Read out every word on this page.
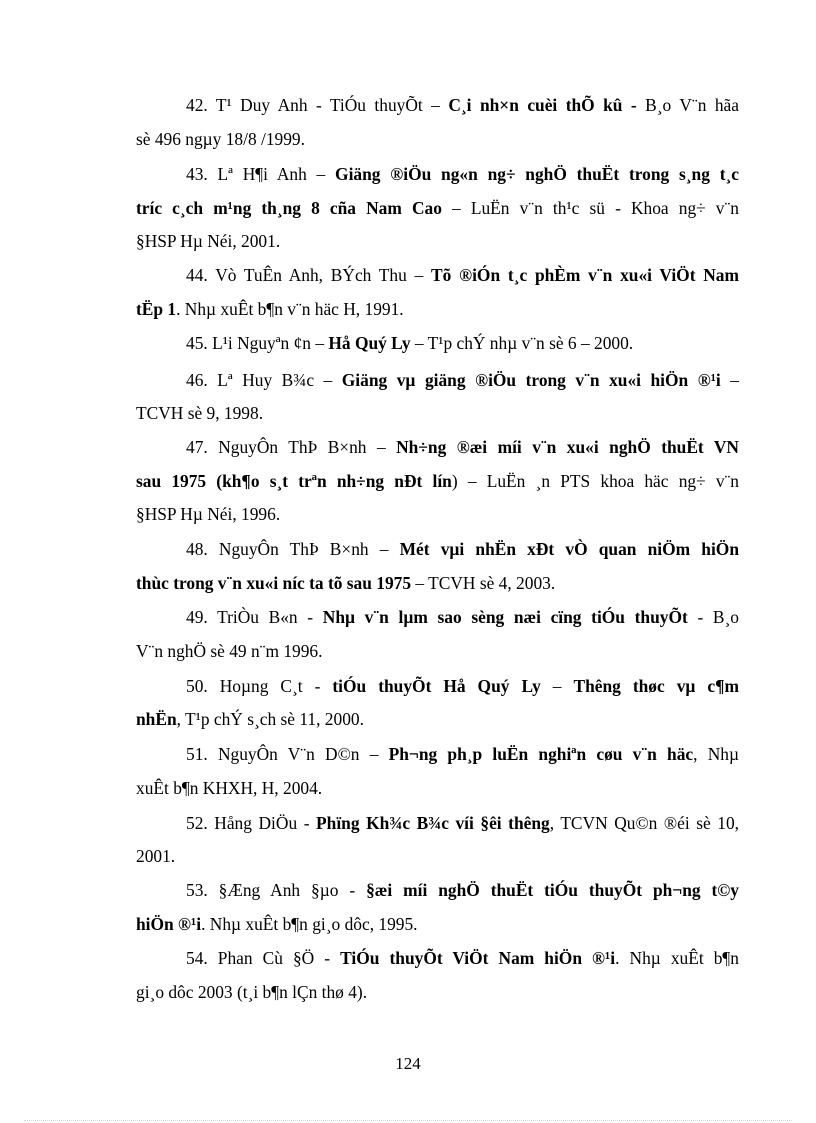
42. T¹ Duy Anh - TiÓu thuyÕt – C¸i nh×n cuèi thÕ kû - B¸o V¨n hãa
sè 496 ngµy 18/8 /1999.
43. Lª H¶i Anh – Giäng ®iÖu ng«n ng÷ nghÖ thuËt trong s¸ng t¸c
tríc c¸ch m¹ng th¸ng 8 cña Nam Cao – LuËn v¨n th¹c sü - Khoa ng÷ v¨n
§HSP Hµ Néi, 2001.
44. Vò TuÊn Anh, BÝch Thu – Tõ ®iÓn t¸c phÈm v¨n xu«i ViÖt Nam
tËp 1. Nhµ xuÊt b¶n v¨n häc H, 1991.
45. L¹i Nguyªn ¢n – Hå Quý Ly – T¹p chÝ nhµ v¨n sè 6 – 2000.
46. Lª Huy B¾c – Giäng vµ giäng ®iÖu trong v¨n xu«i hiÖn ®¹i –
TCVH sè 9, 1998.
47. NguyÔn ThÞ B×nh – Nh÷ng ®æi míi v¨n xu«i nghÖ thuËt VN
sau 1975 (kh¶o s¸t trªn nh÷ng nÐt lín) – LuËn ¸n PTS khoa häc ng÷ v¨n
§HSP Hµ Néi, 1996.
48. NguyÔn ThÞ B×nh – Mét vµi nhËn xÐt vÒ quan niÖm hiÖn
thùc trong v¨n xu«i níc ta tõ sau 1975 – TCVH sè 4, 2003.
49. TriÒu B«n - Nhµ v¨n lµm sao sèng næi cïng tiÓu thuyÕt - B¸o
V¨n nghÖ sè 49 n¨m 1996.
50. Hoµng C¸t - tiÓu thuyÕt Hå Quý Ly – Thêng thøc vµ c¶m
nhËn, T¹p chÝ s¸ch sè 11, 2000.
51. NguyÔn V¨n D©n – Ph¬ng ph¸p luËn nghiªn cøu v¨n häc, Nhµ
xuÊt b¶n KHXH, H, 2004.
52. Hång DiÖu - Phïng Kh¾c B¾c víi §êi thêng, TCVN Qu©n ®éi sè 10,
2001.
53. §Æng Anh §µo - §æi míi nghÖ thuËt tiÓu thuyÕt ph¬ng t©y
hiÖn ®¹i. Nhµ xuÊt b¶n gi¸o dôc, 1995.
54. Phan Cù §Ö - TiÓu thuyÕt ViÖt Nam hiÖn ®¹i. Nhµ xuÊt b¶n
gi¸o dôc 2003 (t¸i b¶n lÇn thø 4).
124
